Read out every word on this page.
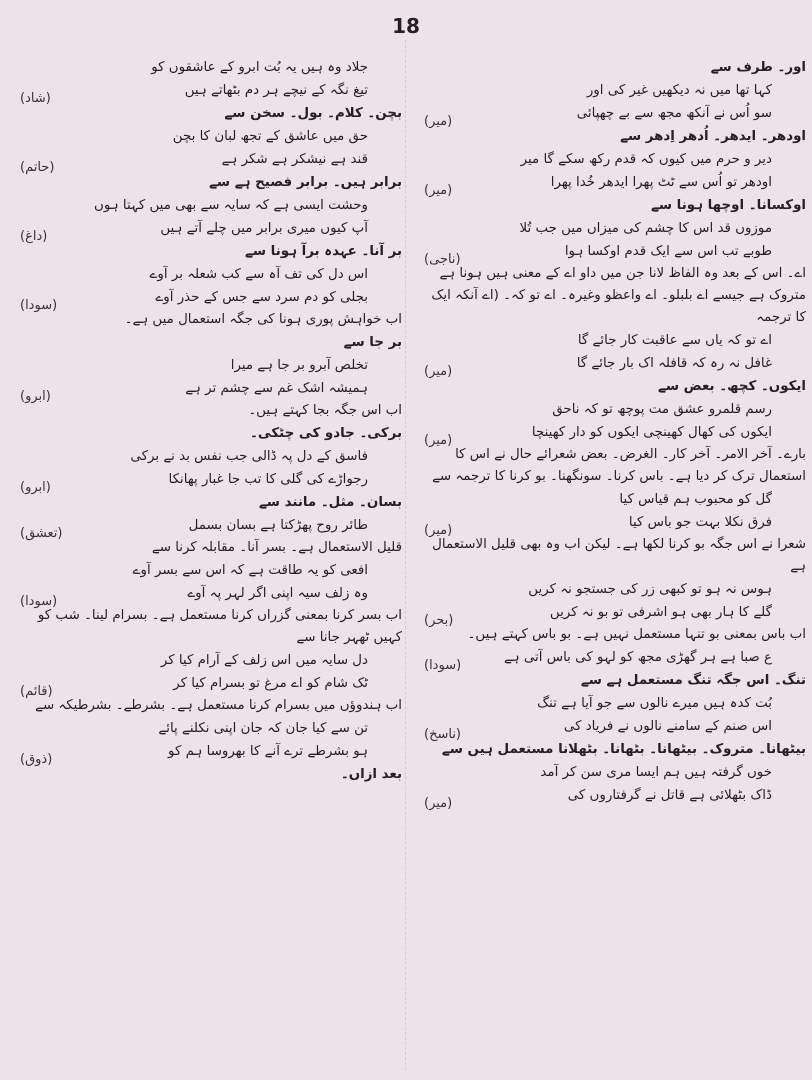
18
اور۔ طرف سے
کہا تھا میں نہ دیکھیں غیر کی اور
سو اُس نے آنکھ مجھ سے بے چھپائی
(میر)
اودھر۔ ایدھر۔ اُدھر اِدھر سے
دیر و حرم میں کیوں کہ قدم رکھ سکے گا میر
اودھر تو اُس سے ٹٹ پھرا ایدھر خُدا پھرا
(میر)
اوکسانا۔ اوچھا ہونا سے
موزوں قد اس کا چشم کی میزاں میں جب تُلا
طوبے تب اس سے ایک قدم اوکسا ہوا
(ناجی)
اے۔ اس کے بعد وہ الفاظ لانا جن میں داو اے کے معنی ہیں ہونا ہے متروک ہے جیسے اے بلبلو۔ اے واعظو وغیرہ۔ اے تو کہ۔ (اے آنکہ ایک کا ترجمہ
اے تو کہ یاں سے عاقبت کار جائے گا
غافل نہ رہ کہ قافلہ اک بار جائے گا
(میر)
ایکوں۔ کچھ۔ بعض سے
رسم قلمرو عشق مت پوچھ تو کہ ناحق
ایکوں کی کھال کھینچی ایکوں کو دار کھینچا
(میر)
بارے۔ آخر الامر۔ آخر کار۔ الغرض۔ بعض شعرائے حال نے اس کا استعمال ترک کر دیا ہے۔ باس کرنا۔ سونگھنا۔ بو کرنا کا ترجمہ سے
گل کو محبوب ہم قیاس کیا
فرق نکلا بہت جو باس کیا
(میر)
شعرا نے اس جگہ بو کرنا لکھا ہے۔ لیکن اب وہ بھی قلیل الاستعمال ہے
ہوس نہ ہو تو کبھی زر کی جستجو نہ کریں
گلے کا ہار بھی ہو اشرفی تو بو نہ کریں
(بحر)
اب باس بمعنی بو تنہا مستعمل نہیں ہے۔ بو باس کہتے ہیں۔
ع صبا ہے ہر گھڑی مجھ کو لہو کی باس آتی ہے
(سودا)
تنگ۔ اس جگہ تنگ مستعمل ہے سے
بُت کدہ ہیں میرے نالوں سے جو آیا ہے تنگ
اس صنم کے سامنے نالوں نے فریاد کی
(ناسخ)
بیٹھانا۔ متروک۔ بیٹھانا۔ بٹھانا۔ بٹھلانا مستعمل ہیں سے
خوں گرفتہ ہیں ہم ایسا مری سن کر آمد
ڈاک بٹھلائی ہے قاتل نے گرفتاروں کی
(میر)
جلاد وہ ہیں یہ بُت ابرو کے عاشقوں کو
تیغ نگہ کے نیچے ہر دم بٹھاتے ہیں
(شاد)
بچن۔ کلام۔ بول۔ سخن سے
حق میں عاشق کے تجھ لبان کا بچن
قند ہے نیشکر ہے شکر ہے
(حاتم)
برابر ہیں۔ برابر فصیح ہے سے
وحشت ایسی ہے کہ سایہ سے بھی میں کہتا ہوں
آپ کیوں میری برابر میں چلے آتے ہیں
(داغ)
بر آنا۔ عہدہ برآ ہونا سے
اس دل کی تف آہ سے کب شعلہ بر آوے
بجلی کو دم سرد سے جس کے حذر آوے
(سودا)
اب خواہش پوری ہونا کی جگہ استعمال میں ہے۔
بر جا سے
تخلص آبرو بر جا ہے میرا
ہمیشہ اشک غم سے چشم تر ہے
(ابرو)
اب اس جگہ بجا کہتے ہیں۔
برکی۔ جادو کی چٹکی۔
فاسق کے دل پہ ڈالی جب نفس بد نے برکی
رجواڑے کی گلی کا تب جا غبار پھانکا
(ابرو)
بسان۔ مثل۔ مانند سے
طائر روح پھڑکتا ہے بسان بسمل
(تعشق)
قلیل الاستعمال ہے۔ بسر آنا۔ مقابلہ کرنا سے
افعی کو یہ طاقت ہے کہ اس سے بسر آوے
وہ زلف سیہ اپنی اگر لہر پہ آوے
(سودا)
اب بسر کرنا بمعنی گزراں کرنا مستعمل ہے۔ بسرام لینا۔ شب کو کہیں ٹھہر جانا سے
دل سایہ میں اس زلف کے آرام کیا کر
ٹک شام کو اے مرغ تو بسرام کیا کر
(قائم)
اب ہندوؤں میں بسرام کرنا مستعمل ہے۔ بشرطے۔ بشرطیکہ سے
تن سے کیا جان کہ جان اپنی نکلنے پائے
ہو بشرطے ترے آنے کا بھروسا ہم کو
(ذوق)
بعد ازاں۔
